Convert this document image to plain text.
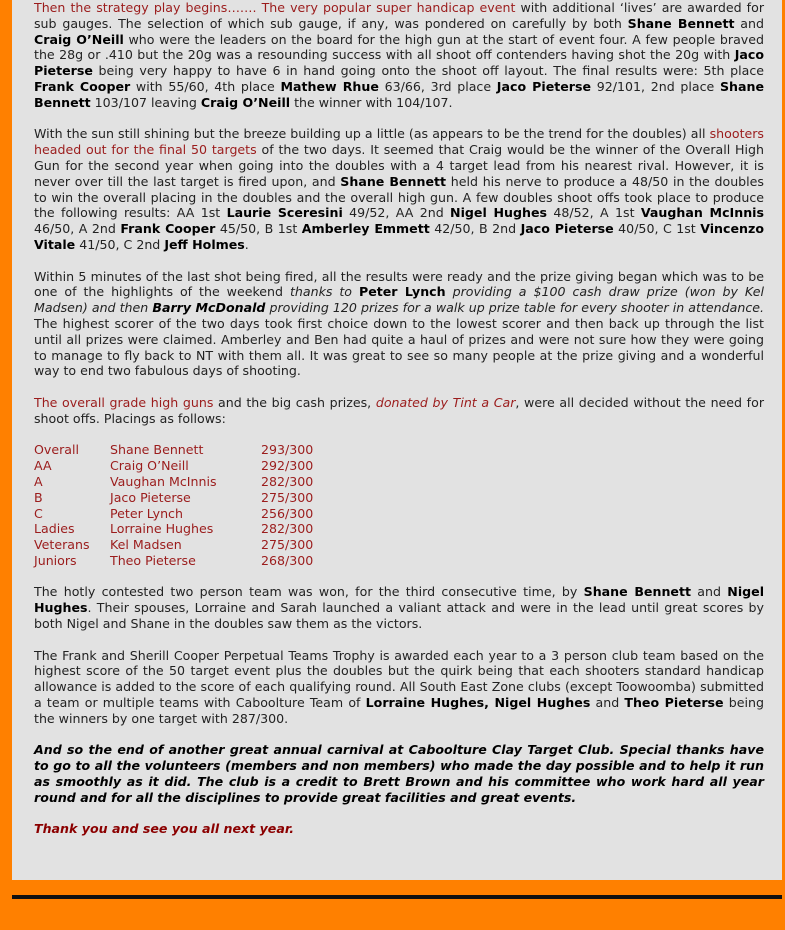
Then the strategy play begins……. The very popular super handicap event with additional ‘lives’ are awarded for sub gauges. The selection of which sub gauge, if any, was pondered on carefully by both Shane Bennett and Craig O’Neill who were the leaders on the board for the high gun at the start of event four. A few people braved the 28g or .410 but the 20g was a resounding success with all shoot off contenders having shot the 20g with Jaco Pieterse being very happy to have 6 in hand going onto the shoot off layout. The final results were: 5th place Frank Cooper with 55/60, 4th place Mathew Rhue 63/66, 3rd place Jaco Pieterse 92/101, 2nd place Shane Bennett 103/107 leaving Craig O’Neill the winner with 104/107.

With the sun still shining but the breeze building up a little (as appears to be the trend for the doubles) all shooters headed out for the final 50 targets of the two days. It seemed that Craig would be the winner of the Overall High Gun for the second year when going into the doubles with a 4 target lead from his nearest rival. However, it is never over till the last target is fired upon, and Shane Bennett held his nerve to produce a 48/50 in the doubles to win the overall placing in the doubles and the overall high gun. A few doubles shoot offs took place to produce the following results: AA 1st Laurie Sceresini 49/52, AA 2nd Nigel Hughes 48/52, A 1st Vaughan McInnis 46/50, A 2nd Frank Cooper 45/50, B 1st Amberley Emmett 42/50, B 2nd Jaco Pieterse 40/50, C 1st Vincenzo Vitale 41/50, C 2nd Jeff Holmes.

Within 5 minutes of the last shot being fired, all the results were ready and the prize giving began which was to be one of the highlights of the weekend thanks to Peter Lynch providing a $100 cash draw prize (won by Kel Madsen) and then Barry McDonald providing 120 prizes for a walk up prize table for every shooter in attendance. The highest scorer of the two days took first choice down to the lowest scorer and then back up through the list until all prizes were claimed. Amberley and Ben had quite a haul of prizes and were not sure how they were going to manage to fly back to NT with them all. It was great to see so many people at the prize giving and a wonderful way to end two fabulous days of shooting.

The overall grade high guns and the big cash prizes, donated by Tint a Car, were all decided without the need for shoot offs. Placings as follows:

Overall	Shane Bennett	293/300
AA	Craig O’Neill	292/300
A	Vaughan McInnis	282/300
B	Jaco Pieterse	275/300
C	Peter Lynch	256/300
Ladies	Lorraine Hughes	282/300
Veterans	Kel Madsen	275/300
Juniors	Theo Pieterse	268/300

The hotly contested two person team was won, for the third consecutive time, by Shane Bennett and Nigel Hughes. Their spouses, Lorraine and Sarah launched a valiant attack and were in the lead until great scores by both Nigel and Shane in the doubles saw them as the victors.

The Frank and Sherill Cooper Perpetual Teams Trophy is awarded each year to a 3 person club team based on the highest score of the 50 target event plus the doubles but the quirk being that each shooters standard handicap allowance is added to the score of each qualifying round. All South East Zone clubs (except Toowoomba) submitted a team or multiple teams with Caboolture Team of Lorraine Hughes, Nigel Hughes and Theo Pieterse being the winners by one target with 287/300.

And so the end of another great annual carnival at Caboolture Clay Target Club. Special thanks have to go to all the volunteers (members and non members) who made the day possible and to help it run as smoothly as it did. The club is a credit to Brett Brown and his committee who work hard all year round and for all the disciplines to provide great facilities and great events.

Thank you and see you all next year.
